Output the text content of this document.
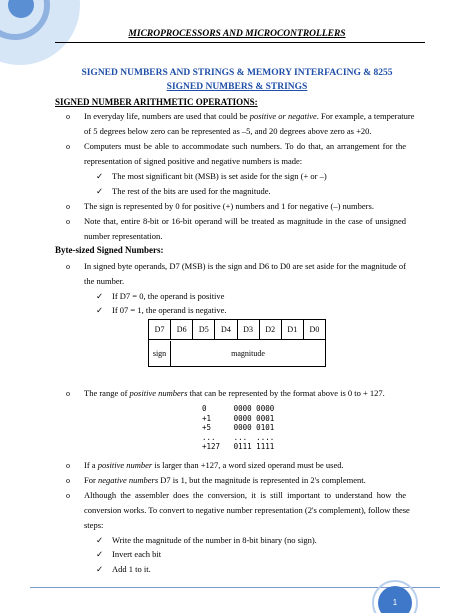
MICROPROCESSORS AND MICROCONTROLLERS
SIGNED NUMBERS AND STRINGS & MEMORY INTERFACING & 8255
SIGNED NUMBERS & STRINGS
SIGNED NUMBER ARITHMETIC OPERATIONS:
o In everyday life, numbers are used that could be positive or negative. For example, a temperature
of 5 degrees below zero can be represented as –5, and 20 degrees above zero as +20.
o Computers must be able to accommodate such numbers. To do that, an arrangement for the
representation of signed positive and negative numbers is made:
✓ The most significant bit (MSB) is set aside for the sign (+ or –)
✓ The rest of the bits are used for the magnitude.
o The sign is represented by 0 for positive (+) numbers and 1 for negative (–) numbers.
o Note that, entire 8-bit or 16-bit operand will be treated as magnitude in the case of unsigned
number representation.
Byte-sized Signed Numbers:
o In signed byte operands, D7 (MSB) is the sign and D6 to D0 are set aside for the magnitude of
the number.
✓ If D7 = 0, the operand is positive
✓ If 07 = 1, the operand is negative.
D7	D6	D5	D4	D3	D2	D1	D0
sign	magnitude
o The range of positive numbers that can be represented by the format above is 0 to + 127.
0      0000 0000
+1     0000 0001
+5     0000 0101
...    ...  ....
+127   0111 1111
o If a positive number is larger than +127, a word sized operand must be used.
o For negative numbers D7 is 1, but the magnitude is represented in 2's complement.
o Although the assembler does the conversion, it is still important to understand how the
conversion works. To convert to negative number representation (2's complement), follow these
steps:
✓ Write the magnitude of the number in 8-bit binary (no sign).
✓ Invert each bit
✓ Add 1 to it.
1
